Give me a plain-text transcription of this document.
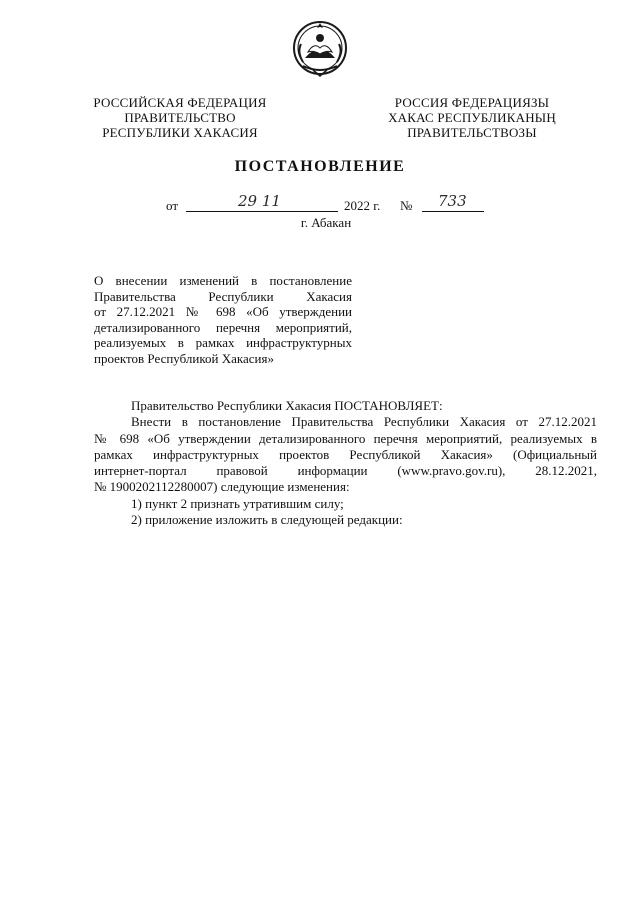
РОССИЙСКАЯ ФЕДЕРАЦИЯ
ПРАВИТЕЛЬСТВО
РЕСПУБЛИКИ ХАКАСИЯ
РОССИЯ ФЕДЕРАЦИЯЗЫ
ХАКАС РЕСПУБЛИКАНЫҢ
ПРАВИТЕЛЬСТВОЗЫ
ПОСТАНОВЛЕНИЕ
от	29 11	2022 г. № 733
г. Абакан
О внесении изменений в постановление
Правительства Республики Хакасия
от 27.12.2021 № 698 «Об утверждении
детализированного перечня мероприятий,
реализуемых в рамках инфраструктурных
проектов Республикой Хакасия»
Правительство Республики Хакасия ПОСТАНОВЛЯЕТ:
Внести в постановление Правительства Республики Хакасия от 27.12.2021
№ 698 «Об утверждении детализированного перечня мероприятий, реализуемых в
рамках инфраструктурных проектов Республикой Хакасия» (Официальный
интернет-портал правовой информации (www.pravo.gov.ru), 28.12.2021,
№ 1900202112280007) следующие изменения:
1) пункт 2 признать утратившим силу;
2) приложение изложить в следующей редакции:
